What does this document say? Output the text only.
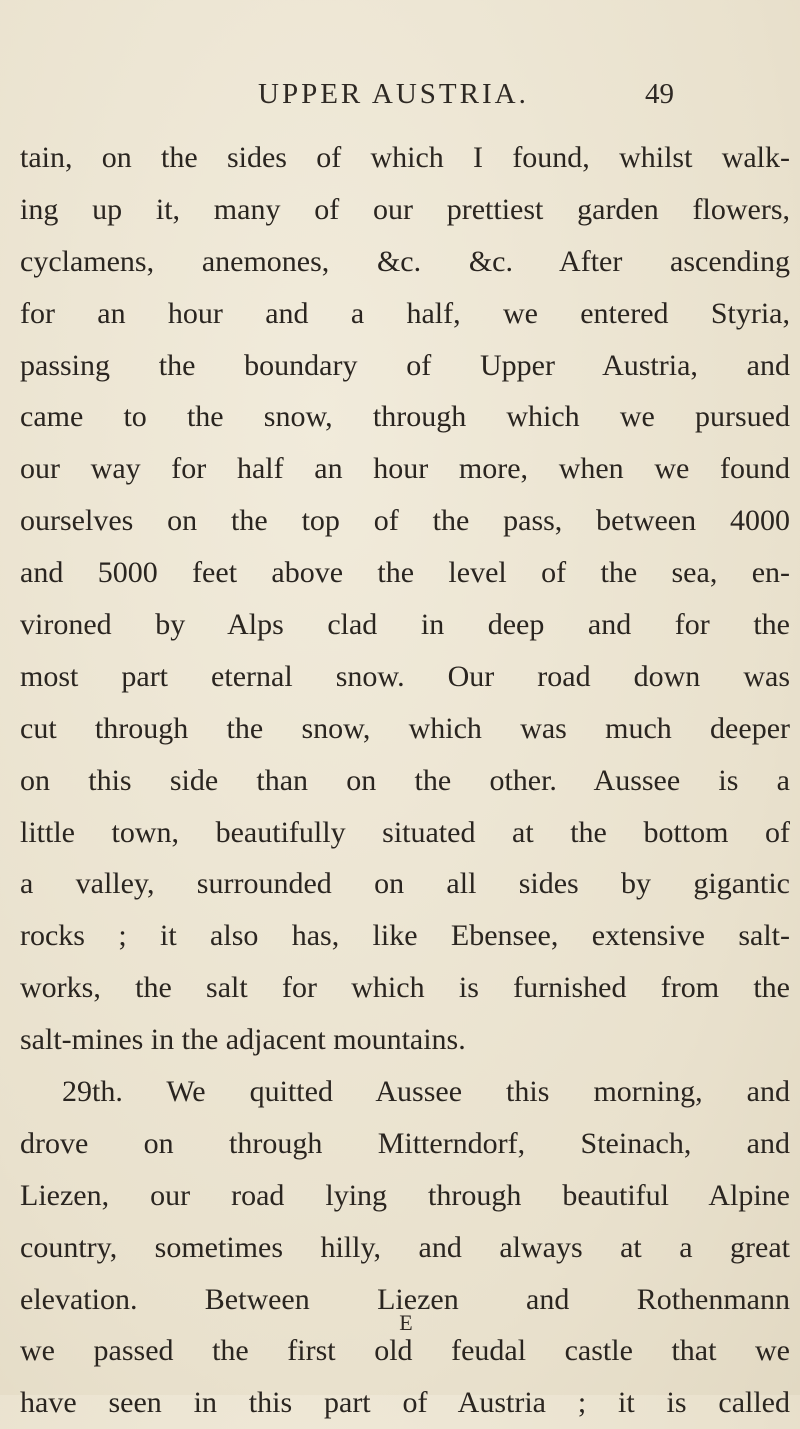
UPPER AUSTRIA.	49
tain, on the sides of which I found, whilst walk-
ing up it, many of our prettiest garden flowers,
cyclamens, anemones, &c. &c. After ascending
for an hour and a half, we entered Styria,
passing the boundary of Upper Austria, and
came to the snow, through which we pursued
our way for half an hour more, when we found
ourselves on the top of the pass, between 4000
and 5000 feet above the level of the sea, en-
vironed by Alps clad in deep and for the
most part eternal snow. Our road down was
cut through the snow, which was much deeper
on this side than on the other. Aussee is a
little town, beautifully situated at the bottom of
a valley, surrounded on all sides by gigantic
rocks ; it also has, like Ebensee, extensive salt-
works, the salt for which is furnished from the
salt-mines in the adjacent mountains.
29th. We quitted Aussee this morning, and
drove on through Mitterndorf, Steinach, and
Liezen, our road lying through beautiful Alpine
country, sometimes hilly, and always at a great
elevation. Between Liezen and Rothenmann
we passed the first old feudal castle that we
have seen in this part of Austria ; it is called
E
